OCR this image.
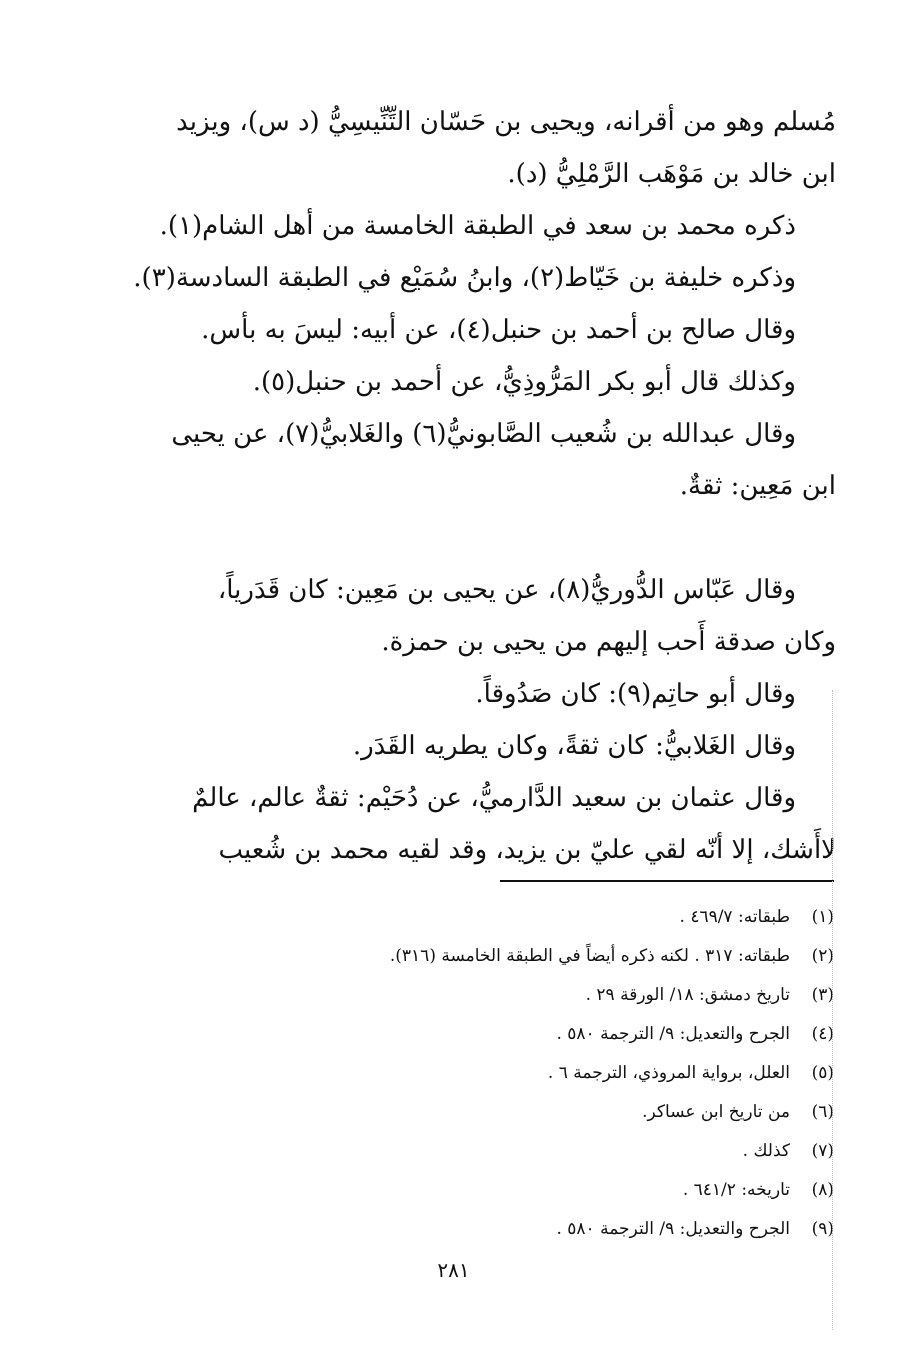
مُسلم وهو من أقرانه، ويحيى بن حَسّان التِّنِّيسِيُّ (د س)، ويزيد
ابن خالد بن مَوْهَب الرَّمْلِيُّ (د).

ذكره محمد بن سعد في الطبقة الخامسة من أهل الشام(١).

وذكره خليفة بن خَيّاط(٢)، وابنُ سُمَيْع في الطبقة السادسة(٣).

وقال صالح بن أحمد بن حنبل(٤)، عن أبيه: ليسَ به بأس.

وكذلك قال أبو بكر المَرُّوذِيُّ، عن أحمد بن حنبل(٥).

وقال عبدالله بن شُعيب الصَّابونيُّ(٦) والغَلابيُّ(٧)، عن يحيى
ابن مَعِين: ثقةٌ.

وقال عَبّاس الدُّوريُّ(٨)، عن يحيى بن مَعِين: كان قَدَرياً،
وكان صدقة أَحب إليهم من يحيى بن حمزة.

وقال أبو حاتِم(٩): كان صَدُوقاً.

وقال الغَلابيُّ: كان ثقةً، وكان يطريه القَدَر.

وقال عثمان بن سعيد الدَّارميُّ، عن دُحَيْم: ثقةٌ عالم، عالمٌ
لاأَشك، إلا أنّه لقي عليّ بن يزيد، وقد لقيه محمد بن شُعيب

(١)
طبقاته: ٤٦٩/٧ .
(٢)
طبقاته: ٣١٧ . لكنه ذكره أيضاً في الطبقة الخامسة (٣١٦).
(٣)
تاريخ دمشق: ١٨/ الورقة ٢٩ .
(٤)
الجرح والتعديل: ٩/ الترجمة ٥٨٠ .
(٥)
العلل، برواية المروذي، الترجمة ٦ .
(٦)
من تاريخ ابن عساكر.
(٧)
كذلك .
(٨)
تاريخه: ٦٤١/٢ .
(٩)
الجرح والتعديل: ٩/ الترجمة ٥٨٠ .
٢٨١
